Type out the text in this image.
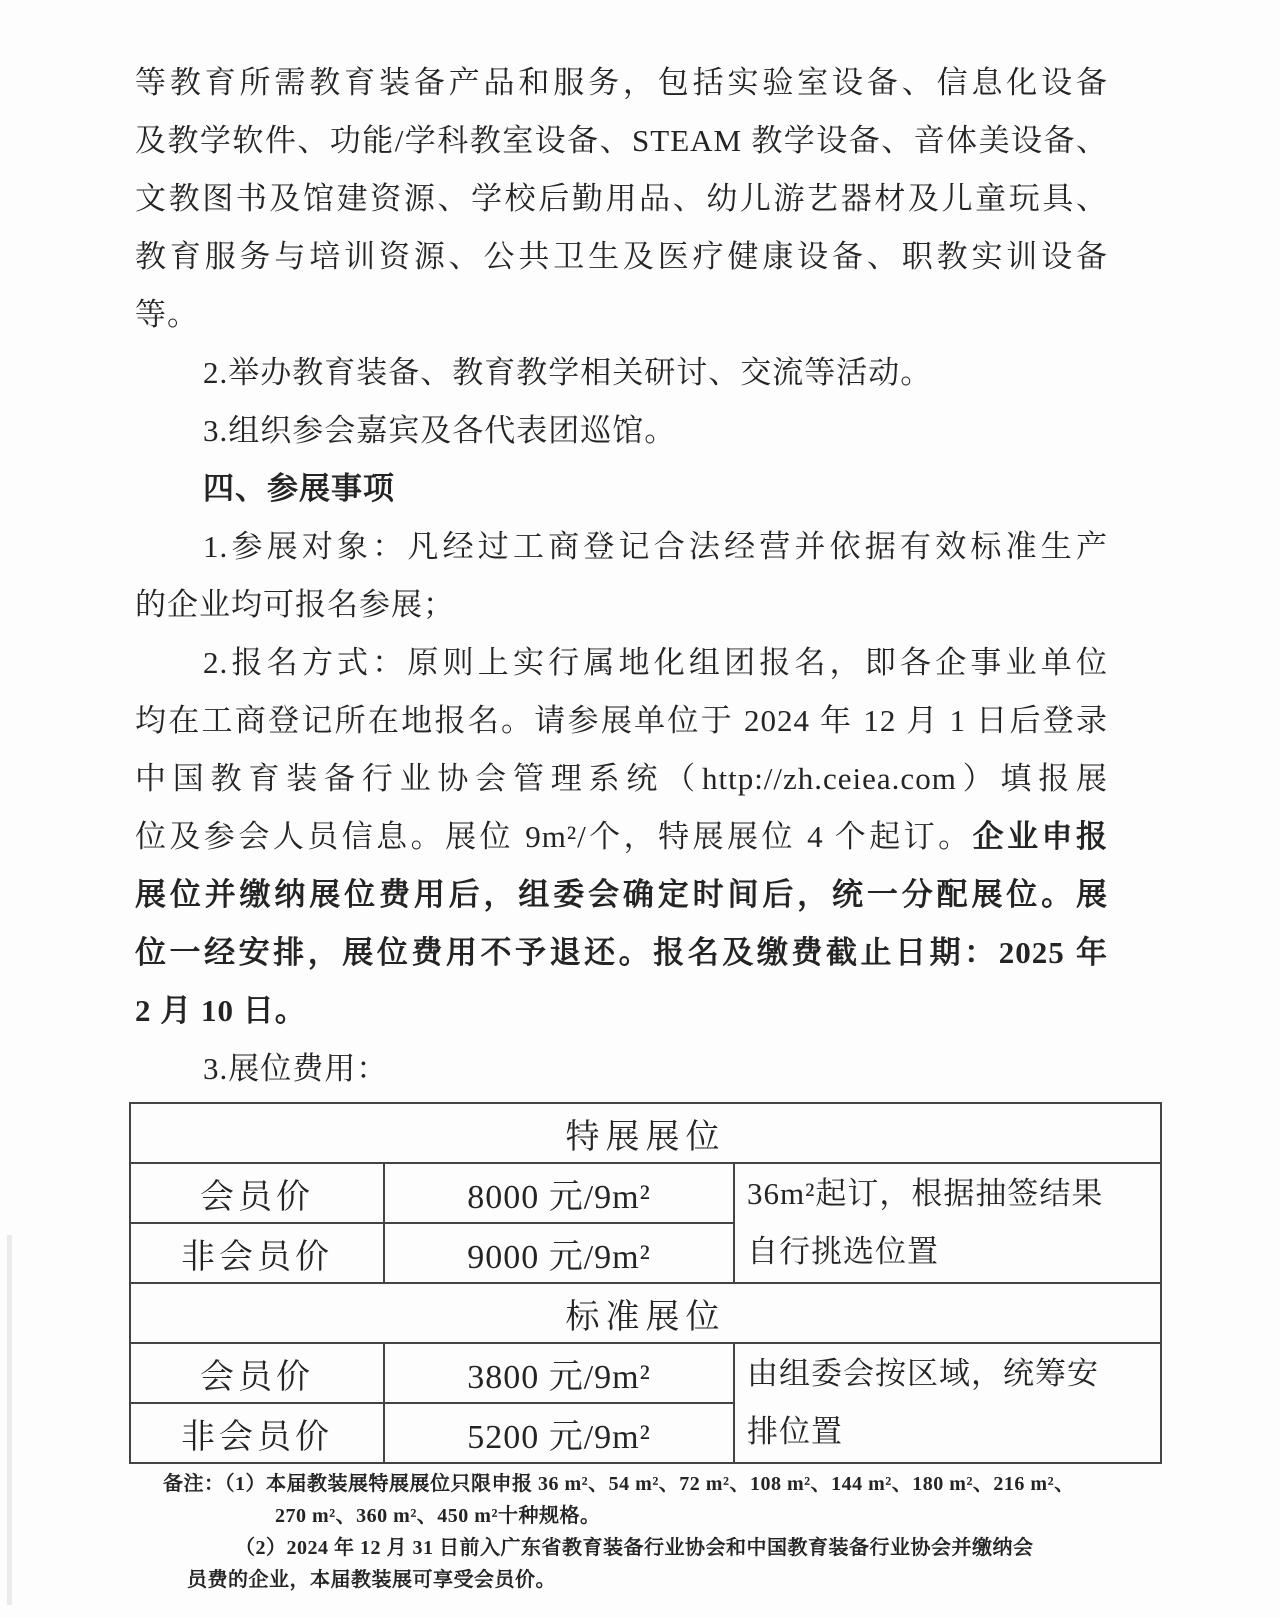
等教育所需教育装备产品和服务，包括实验室设备、信息化设备
及教学软件、功能/学科教室设备、STEAM 教学设备、音体美设备、
文教图书及馆建资源、学校后勤用品、幼儿游艺器材及儿童玩具、
教育服务与培训资源、公共卫生及医疗健康设备、职教实训设备
等。
2.举办教育装备、教育教学相关研讨、交流等活动。
3.组织参会嘉宾及各代表团巡馆。
四、参展事项
1.参展对象：凡经过工商登记合法经营并依据有效标准生产
的企业均可报名参展；
2.报名方式：原则上实行属地化组团报名，即各企事业单位
均在工商登记所在地报名。请参展单位于 2024 年 12 月 1 日后登录
中国教育装备行业协会管理系统（http://zh.ceiea.com）填报展
位及参会人员信息。展位 9m²/个，特展展位 4 个起订。企业申报
展位并缴纳展位费用后，组委会确定时间后，统一分配展位。展
位一经安排，展位费用不予退还。报名及缴费截止日期：2025 年
2 月 10 日。
3.展位费用：
特展展位		
会员价	8000 元/9m²	36m²起订，根据抽签结果自行挑选位置
非会员价	9000 元/9m²	
标准展位		
会员价	3800 元/9m²	由组委会按区域，统筹安排位置
非会员价	5200 元/9m²	
备注：（1）本届教装展特展展位只限申报 36 m²、54 m²、72 m²、108 m²、144 m²、180 m²、216 m²、
270 m²、360 m²、450 m²十种规格。
（2）2024 年 12 月 31 日前入广东省教育装备行业协会和中国教育装备行业协会并缴纳会
员费的企业，本届教装展可享受会员价。
